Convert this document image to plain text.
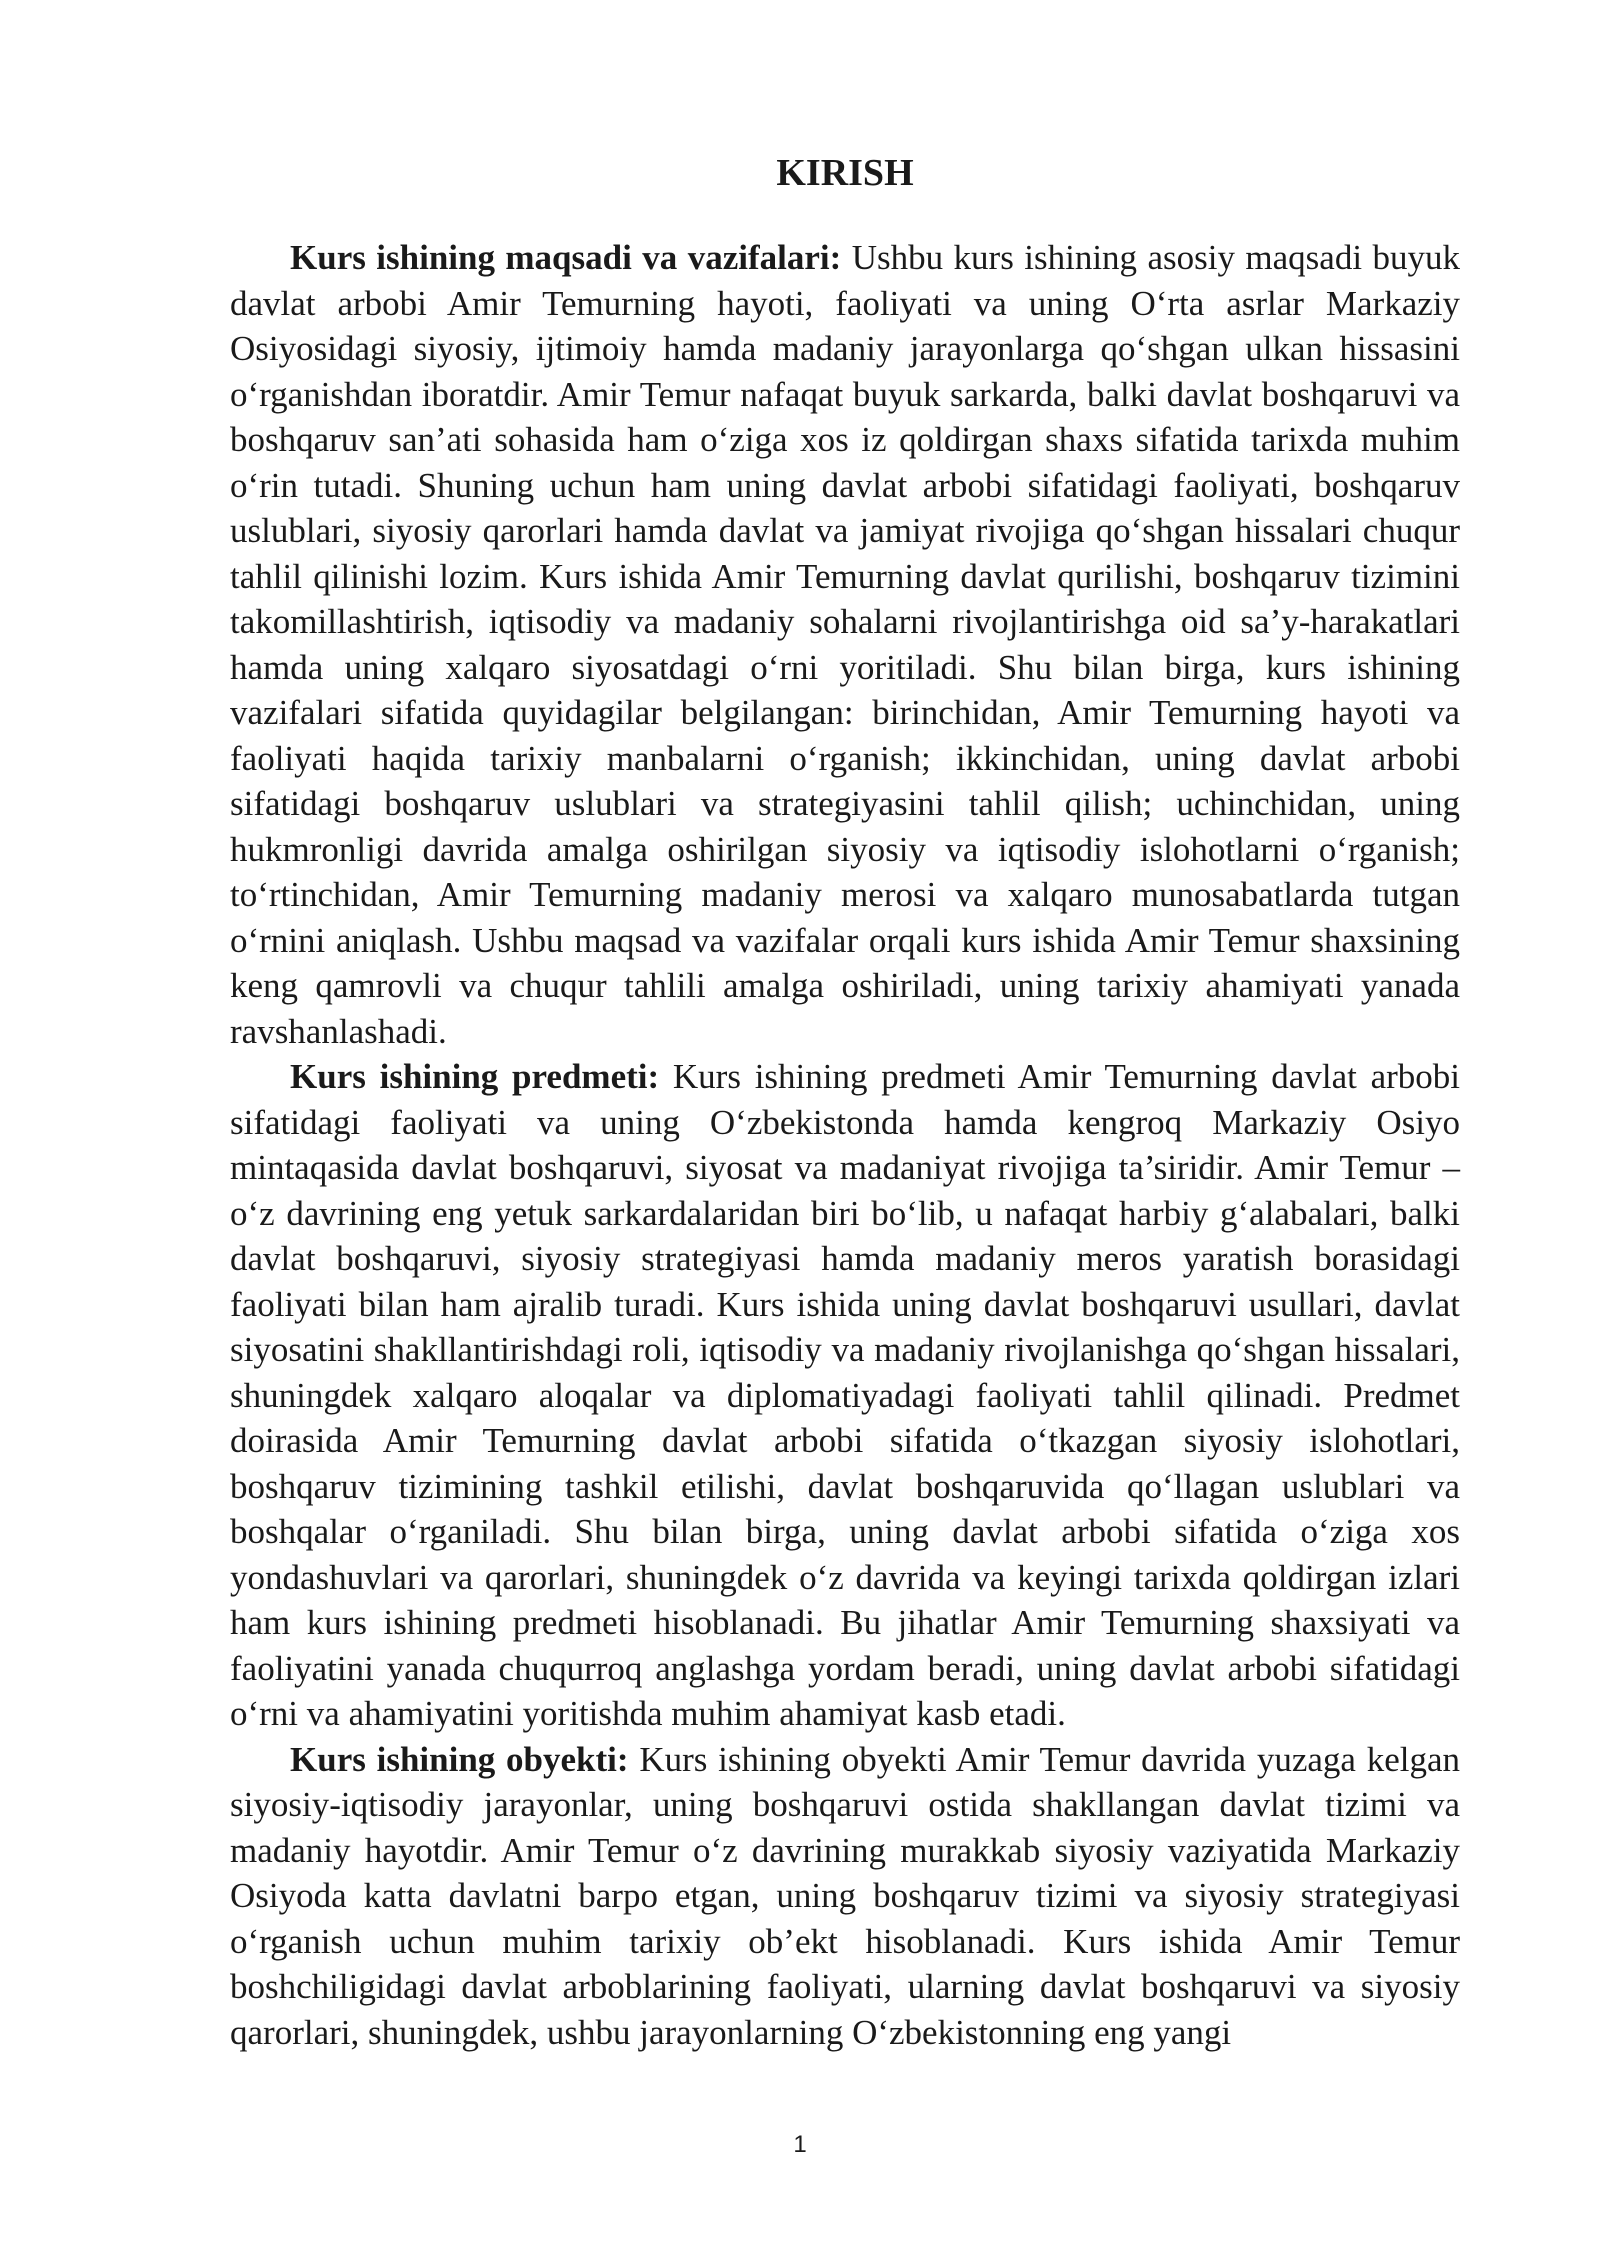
KIRISH

Kurs ishining maqsadi va vazifalari: Ushbu kurs ishining asosiy maqsadi buyuk davlat arbobi Amir Temurning hayoti, faoliyati va uning O‘rta asrlar Markaziy Osiyosidagi siyosiy, ijtimoiy hamda madaniy jarayonlarga qo‘shgan ulkan hissasini o‘rganishdan iboratdir. Amir Temur nafaqat buyuk sarkarda, balki davlat boshqaruvi va boshqaruv san’ati sohasida ham o‘ziga xos iz qoldirgan shaxs sifatida tarixda muhim o‘rin tutadi. Shuning uchun ham uning davlat arbobi sifatidagi faoliyati, boshqaruv uslublari, siyosiy qarorlari hamda davlat va jamiyat rivojiga qo‘shgan hissalari chuqur tahlil qilinishi lozim. Kurs ishida Amir Temurning davlat qurilishi, boshqaruv tizimini takomillashtirish, iqtisodiy va madaniy sohalarni rivojlantirishga oid sa’y-harakatlari hamda uning xalqaro siyosatdagi o‘rni yoritiladi. Shu bilan birga, kurs ishining vazifalari sifatida quyidagilar belgilangan: birinchidan, Amir Temurning hayoti va faoliyati haqida tarixiy manbalarni o‘rganish; ikkinchidan, uning davlat arbobi sifatidagi boshqaruv uslublari va strategiyasini tahlil qilish; uchinchidan, uning hukmronligi davrida amalga oshirilgan siyosiy va iqtisodiy islohotlarni o‘rganish; to‘rtinchidan, Amir Temurning madaniy merosi va xalqaro munosabatlarda tutgan o‘rnini aniqlash. Ushbu maqsad va vazifalar orqali kurs ishida Amir Temur shaxsining keng qamrovli va chuqur tahlili amalga oshiriladi, uning tarixiy ahamiyati yanada ravshanlashadi.

Kurs ishining predmeti: Kurs ishining predmeti Amir Temurning davlat arbobi sifatidagi faoliyati va uning O‘zbekistonda hamda kengroq Markaziy Osiyo mintaqasida davlat boshqaruvi, siyosat va madaniyat rivojiga ta’siridir. Amir Temur – o‘z davrining eng yetuk sarkardalaridan biri bo‘lib, u nafaqat harbiy g‘alabalari, balki davlat boshqaruvi, siyosiy strategiyasi hamda madaniy meros yaratish borasidagi faoliyati bilan ham ajralib turadi. Kurs ishida uning davlat boshqaruvi usullari, davlat siyosatini shakllantirishdagi roli, iqtisodiy va madaniy rivojlanishga qo‘shgan hissalari, shuningdek xalqaro aloqalar va diplomatiyadagi faoliyati tahlil qilinadi. Predmet doirasida Amir Temurning davlat arbobi sifatida o‘tkazgan siyosiy islohotlari, boshqaruv tizimining tashkil etilishi, davlat boshqaruvida qo‘llagan uslublari va boshqalar o‘rganiladi. Shu bilan birga, uning davlat arbobi sifatida o‘ziga xos yondashuvlari va qarorlari, shuningdek o‘z davrida va keyingi tarixda qoldirgan izlari ham kurs ishining predmeti hisoblanadi. Bu jihatlar Amir Temurning shaxsiyati va faoliyatini yanada chuqurroq anglashga yordam beradi, uning davlat arbobi sifatidagi o‘rni va ahamiyatini yoritishda muhim ahamiyat kasb etadi.

Kurs ishining obyekti: Kurs ishining obyekti Amir Temur davrida yuzaga kelgan siyosiy-iqtisodiy jarayonlar, uning boshqaruvi ostida shakllangan davlat tizimi va madaniy hayotdir. Amir Temur o‘z davrining murakkab siyosiy vaziyatida Markaziy Osiyoda katta davlatni barpo etgan, uning boshqaruv tizimi va siyosiy strategiyasi o‘rganish uchun muhim tarixiy ob’ekt hisoblanadi. Kurs ishida Amir Temur boshchiligidagi davlat arboblarining faoliyati, ularning davlat boshqaruvi va siyosiy qarorlari, shuningdek, ushbu jarayonlarning O‘zbekistonning eng yangi

1
